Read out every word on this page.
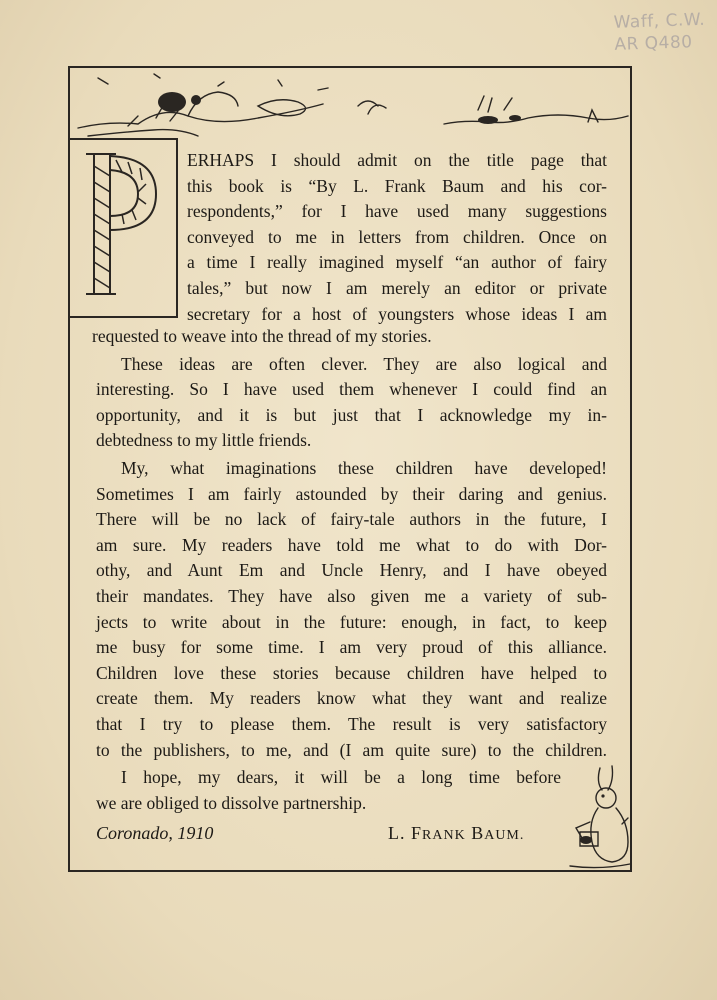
Waff, C.W.
AR Q480
ERHAPS I should admit on the title page that
this book is “By L. Frank Baum and his cor-
respondents,” for I have used many suggestions
conveyed to me in letters from children. Once on
a time I really imagined myself “an author of fairy
tales,” but now I am merely an editor or private
secretary for a host of youngsters whose ideas I am
requested to weave into the thread of my stories.
These ideas are often clever. They are also logical and
interesting. So I have used them whenever I could find an
opportunity, and it is but just that I acknowledge my in-
debtedness to my little friends.
My, what imaginations these children have developed!
Sometimes I am fairly astounded by their daring and genius.
There will be no lack of fairy-tale authors in the future, I
am sure. My readers have told me what to do with Dor-
othy, and Aunt Em and Uncle Henry, and I have obeyed
their mandates. They have also given me a variety of sub-
jects to write about in the future: enough, in fact, to keep
me busy for some time. I am very proud of this alliance.
Children love these stories because children have helped to
create them. My readers know what they want and realize
that I try to please them. The result is very satisfactory
to the publishers, to me, and (I am quite sure) to the children.
I hope, my dears, it will be a long time before
we are obliged to dissolve partnership.
Coronado, 1910	L. FRANK BAUM.
